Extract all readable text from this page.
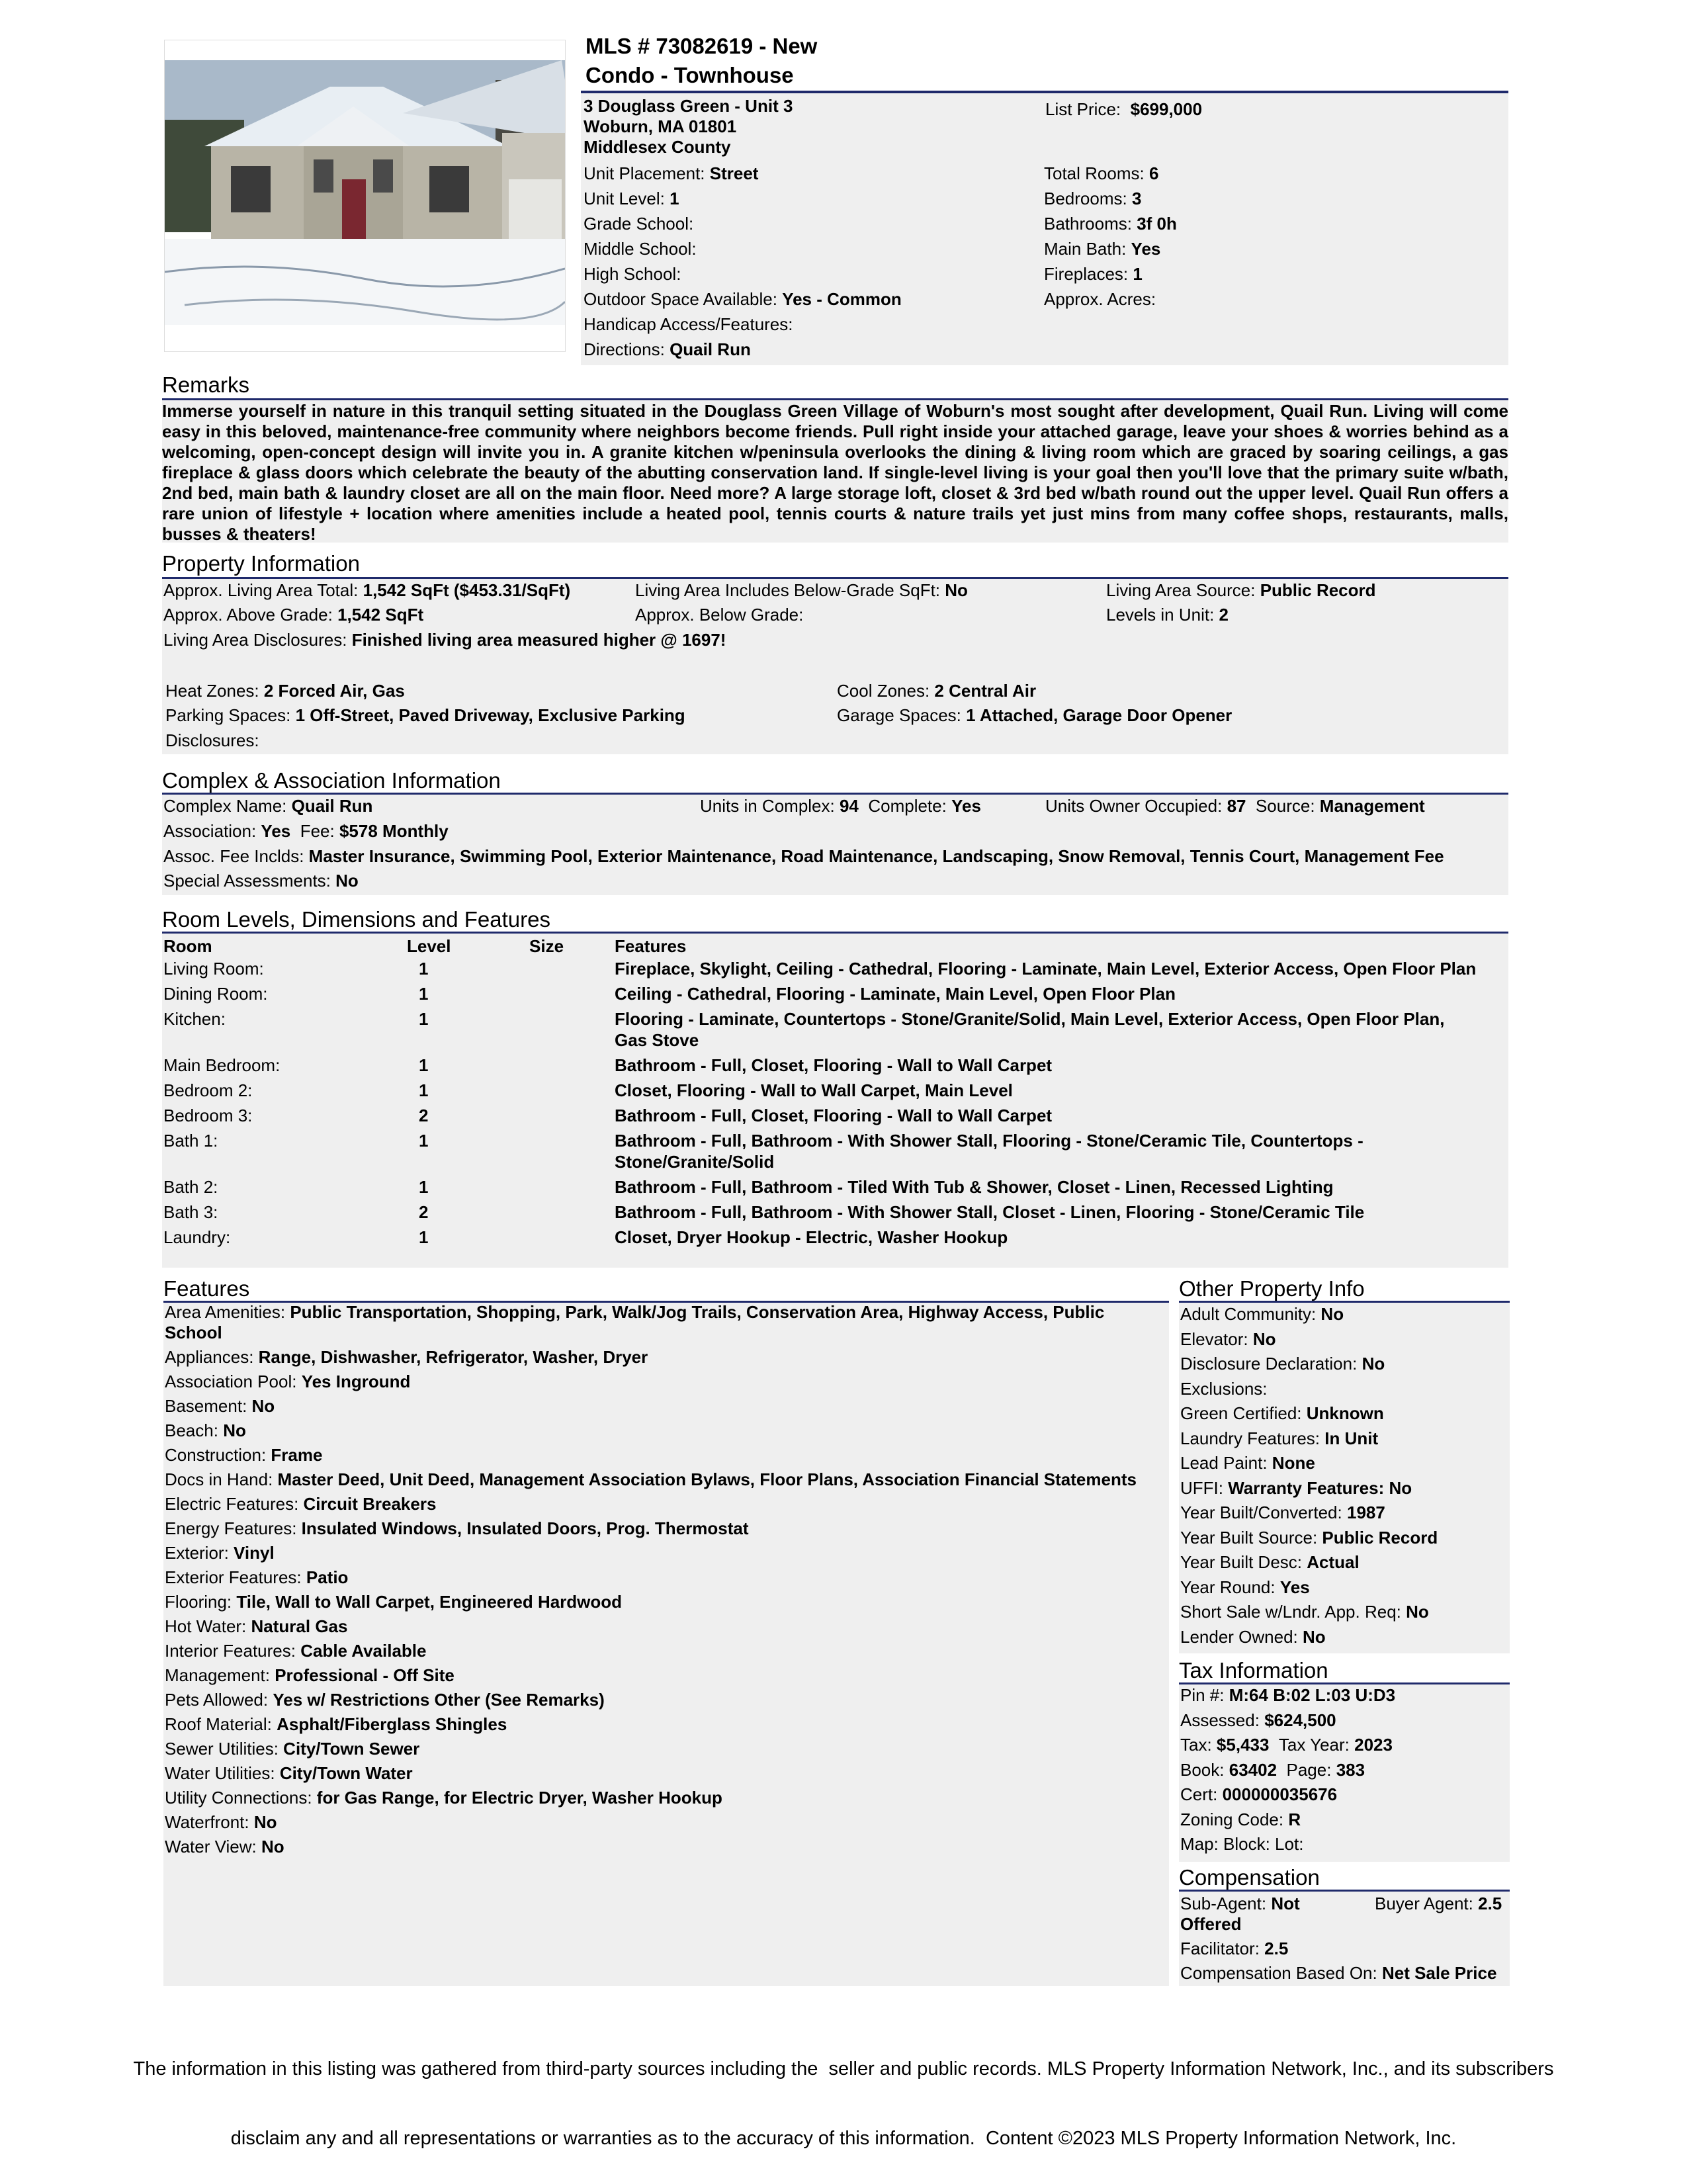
MLS # 73082619 - New
Condo - Townhouse
3 Douglass Green - Unit 3
Woburn, MA 01801
Middlesex County
List Price: $699,000
Unit Placement: Street
Unit Level: 1
Grade School:
Middle School:
High School:
Outdoor Space Available: Yes - Common
Handicap Access/Features:
Directions: Quail Run
Total Rooms: 6
Bedrooms: 3
Bathrooms: 3f 0h
Main Bath: Yes
Fireplaces: 1
Approx. Acres:
Remarks
Immerse yourself in nature in this tranquil setting situated in the Douglass Green Village of Woburn's most sought after development, Quail Run. Living will come easy in this beloved, maintenance-free community where neighbors become friends. Pull right inside your attached garage, leave your shoes & worries behind as a welcoming, open-concept design will invite you in. A granite kitchen w/peninsula overlooks the dining & living room which are graced by soaring ceilings, a gas fireplace & glass doors which celebrate the beauty of the abutting conservation land. If single-level living is your goal then you'll love that the primary suite w/bath, 2nd bed, main bath & laundry closet are all on the main floor. Need more? A large storage loft, closet & 3rd bed w/bath round out the upper level. Quail Run offers a rare union of lifestyle + location where amenities include a heated pool, tennis courts & nature trails yet just mins from many coffee shops, restaurants, malls, busses & theaters!
Property Information
Approx. Living Area Total: 1,542 SqFt ($453.31/SqFt)	Living Area Includes Below-Grade SqFt: No	Living Area Source: Public Record
Approx. Above Grade: 1,542 SqFt	Approx. Below Grade:	Levels in Unit: 2
Living Area Disclosures: Finished living area measured higher @ 1697!
Heat Zones: 2 Forced Air, Gas	Cool Zones: 2 Central Air
Parking Spaces: 1 Off-Street, Paved Driveway, Exclusive Parking	Garage Spaces: 1 Attached, Garage Door Opener
Disclosures:
Complex & Association Information
Complex Name: Quail Run	Units in Complex: 94 Complete: Yes	Units Owner Occupied: 87 Source: Management
Association: Yes Fee: $578 Monthly
Assoc. Fee Inclds: Master Insurance, Swimming Pool, Exterior Maintenance, Road Maintenance, Landscaping, Snow Removal, Tennis Court, Management Fee
Special Assessments: No
Room Levels, Dimensions and Features
Room	Level	Size	Features
Living Room:	1		Fireplace, Skylight, Ceiling - Cathedral, Flooring - Laminate, Main Level, Exterior Access, Open Floor Plan
Dining Room:	1		Ceiling - Cathedral, Flooring - Laminate, Main Level, Open Floor Plan
Kitchen:	1		Flooring - Laminate, Countertops - Stone/Granite/Solid, Main Level, Exterior Access, Open Floor Plan, Gas Stove
Main Bedroom:	1		Bathroom - Full, Closet, Flooring - Wall to Wall Carpet
Bedroom 2:	1		Closet, Flooring - Wall to Wall Carpet, Main Level
Bedroom 3:	2		Bathroom - Full, Closet, Flooring - Wall to Wall Carpet
Bath 1:	1		Bathroom - Full, Bathroom - With Shower Stall, Flooring - Stone/Ceramic Tile, Countertops - Stone/Granite/Solid
Bath 2:	1		Bathroom - Full, Bathroom - Tiled With Tub & Shower, Closet - Linen, Recessed Lighting
Bath 3:	2		Bathroom - Full, Bathroom - With Shower Stall, Closet - Linen, Flooring - Stone/Ceramic Tile
Laundry:	1		Closet, Dryer Hookup - Electric, Washer Hookup
Features
Area Amenities: Public Transportation, Shopping, Park, Walk/Jog Trails, Conservation Area, Highway Access, Public School
Appliances: Range, Dishwasher, Refrigerator, Washer, Dryer
Association Pool: Yes Inground
Basement: No
Beach: No
Construction: Frame
Docs in Hand: Master Deed, Unit Deed, Management Association Bylaws, Floor Plans, Association Financial Statements
Electric Features: Circuit Breakers
Energy Features: Insulated Windows, Insulated Doors, Prog. Thermostat
Exterior: Vinyl
Exterior Features: Patio
Flooring: Tile, Wall to Wall Carpet, Engineered Hardwood
Hot Water: Natural Gas
Interior Features: Cable Available
Management: Professional - Off Site
Pets Allowed: Yes w/ Restrictions Other (See Remarks)
Roof Material: Asphalt/Fiberglass Shingles
Sewer Utilities: City/Town Sewer
Water Utilities: City/Town Water
Utility Connections: for Gas Range, for Electric Dryer, Washer Hookup
Waterfront: No
Water View: No
Other Property Info
Adult Community: No
Elevator: No
Disclosure Declaration: No
Exclusions:
Green Certified: Unknown
Laundry Features: In Unit
Lead Paint: None
UFFI: Warranty Features: No
Year Built/Converted: 1987
Year Built Source: Public Record
Year Built Desc: Actual
Year Round: Yes
Short Sale w/Lndr. App. Req: No
Lender Owned: No
Tax Information
Pin #: M:64 B:02 L:03 U:D3
Assessed: $624,500
Tax: $5,433 Tax Year: 2023
Book: 63402 Page: 383
Cert: 000000035676
Zoning Code: R
Map: Block: Lot:
Compensation
Sub-Agent: Not Offered
Buyer Agent: 2.5
Facilitator: 2.5
Compensation Based On: Net Sale Price

The information in this listing was gathered from third-party sources including the  seller and public records. MLS Property Information Network, Inc., and its subscribers

disclaim any and all representations or warranties as to the accuracy of this information.  Content ©2023 MLS Property Information Network, Inc.
